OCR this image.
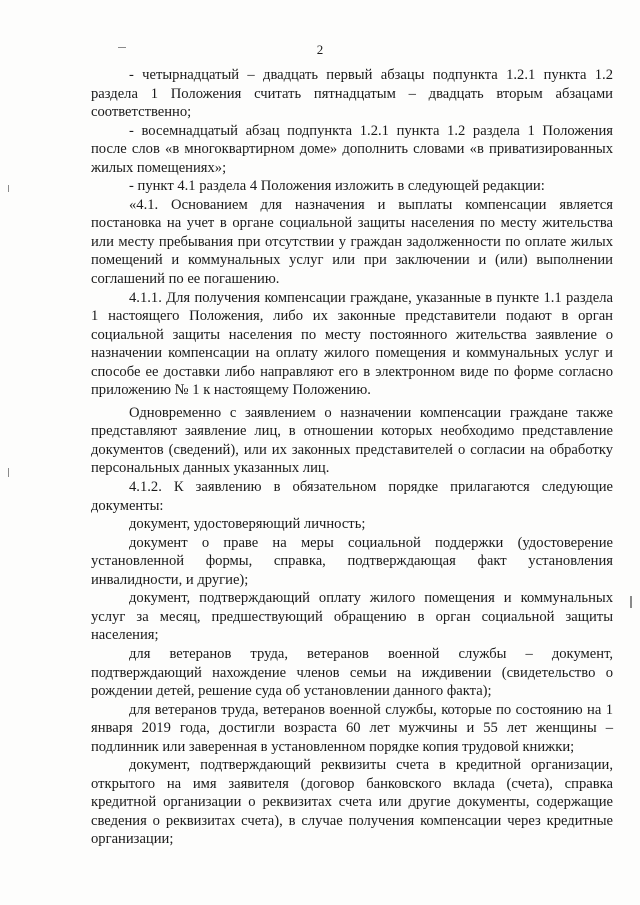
2

- четырнадцатый – двадцать первый абзацы подпункта 1.2.1 пункта 1.2 раздела 1 Положения считать пятнадцатым – двадцать вторым абзацами соответственно;

- восемнадцатый абзац подпункта 1.2.1 пункта 1.2 раздела 1 Положения после слов «в многоквартирном доме» дополнить словами «в приватизированных жилых помещениях»;

- пункт 4.1 раздела 4 Положения изложить в следующей редакции:

«4.1. Основанием для назначения и выплаты компенсации является постановка на учет в органе социальной защиты населения по месту жительства или месту пребывания при отсутствии у граждан задолженности по оплате жилых помещений и коммунальных услуг или при заключении и (или) выполнении соглашений по ее погашению.

4.1.1. Для получения компенсации граждане, указанные в пункте 1.1 раздела 1 настоящего Положения, либо их законные представители подают в орган социальной защиты населения по месту постоянного жительства заявление о назначении компенсации на оплату жилого помещения и коммунальных услуг и способе ее доставки либо направляют его в электронном виде по форме согласно приложению № 1 к настоящему Положению.

Одновременно с заявлением о назначении компенсации граждане также представляют заявление лиц, в отношении которых необходимо представление документов (сведений), или их законных представителей о согласии на обработку персональных данных указанных лиц.

4.1.2. К заявлению в обязательном порядке прилагаются следующие документы:

документ, удостоверяющий личность;

документ о праве на меры социальной поддержки (удостоверение установленной формы, справка, подтверждающая факт установления инвалидности, и другие);

документ, подтверждающий оплату жилого помещения и коммунальных услуг за месяц, предшествующий обращению в орган социальной защиты населения;

для ветеранов труда, ветеранов военной службы – документ, подтверждающий нахождение членов семьи на иждивении (свидетельство о рождении детей, решение суда об установлении данного факта);

для ветеранов труда, ветеранов военной службы, которые по состоянию на 1 января 2019 года, достигли возраста 60 лет мужчины и 55 лет женщины – подлинник или заверенная в установленном порядке копия трудовой книжки;

документ, подтверждающий реквизиты счета в кредитной организации, открытого на имя заявителя (договор банковского вклада (счета), справка кредитной организации о реквизитах счета или другие документы, содержащие сведения о реквизитах счета), в случае получения компенсации через кредитные организации;
